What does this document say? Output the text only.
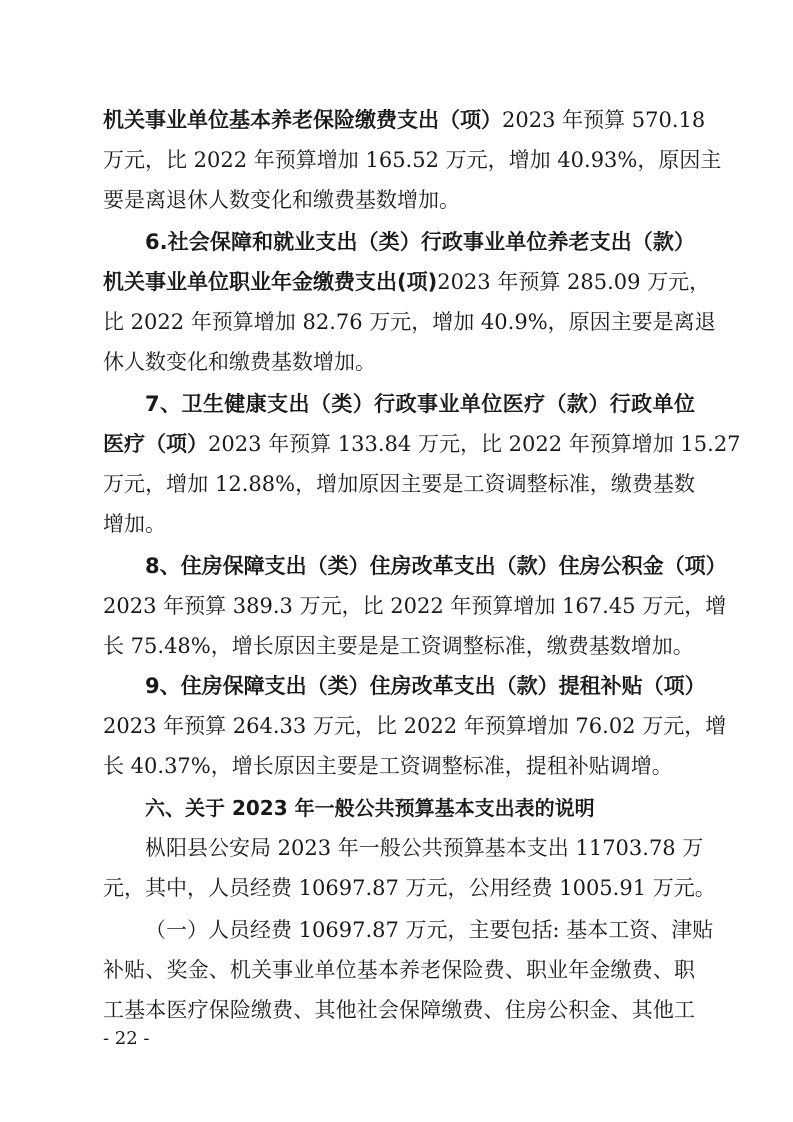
机关事业单位基本养老保险缴费支出（项）2023 年预算 570.18
万元，比 2022 年预算增加 165.52 万元，增加 40.93%，原因主
要是离退休人数变化和缴费基数增加。
6.社会保障和就业支出（类）行政事业单位养老支出（款）
机关事业单位职业年金缴费支出(项)2023 年预算 285.09 万元，
比 2022 年预算增加 82.76 万元，增加 40.9%，原因主要是离退
休人数变化和缴费基数增加。
7、卫生健康支出（类）行政事业单位医疗（款）行政单位
医疗（项）2023 年预算 133.84 万元，比 2022 年预算增加 15.27
万元，增加 12.88%，增加原因主要是工资调整标准，缴费基数
增加。
8、住房保障支出（类）住房改革支出（款）住房公积金（项）
2023 年预算 389.3 万元，比 2022 年预算增加 167.45 万元，增
长 75.48%，增长原因主要是是工资调整标准，缴费基数增加。
9、住房保障支出（类）住房改革支出（款）提租补贴（项）
2023 年预算 264.33 万元，比 2022 年预算增加 76.02 万元，增
长 40.37%，增长原因主要是工资调整标准，提租补贴调增。
六、关于 2023 年一般公共预算基本支出表的说明
枞阳县公安局 2023 年一般公共预算基本支出 11703.78 万
元，其中，人员经费 10697.87 万元，公用经费 1005.91 万元。
（一）人员经费 10697.87 万元，主要包括: 基本工资、津贴
补贴、奖金、机关事业单位基本养老保险费、职业年金缴费、职
工基本医疗保险缴费、其他社会保障缴费、住房公积金、其他工
- 22 -
